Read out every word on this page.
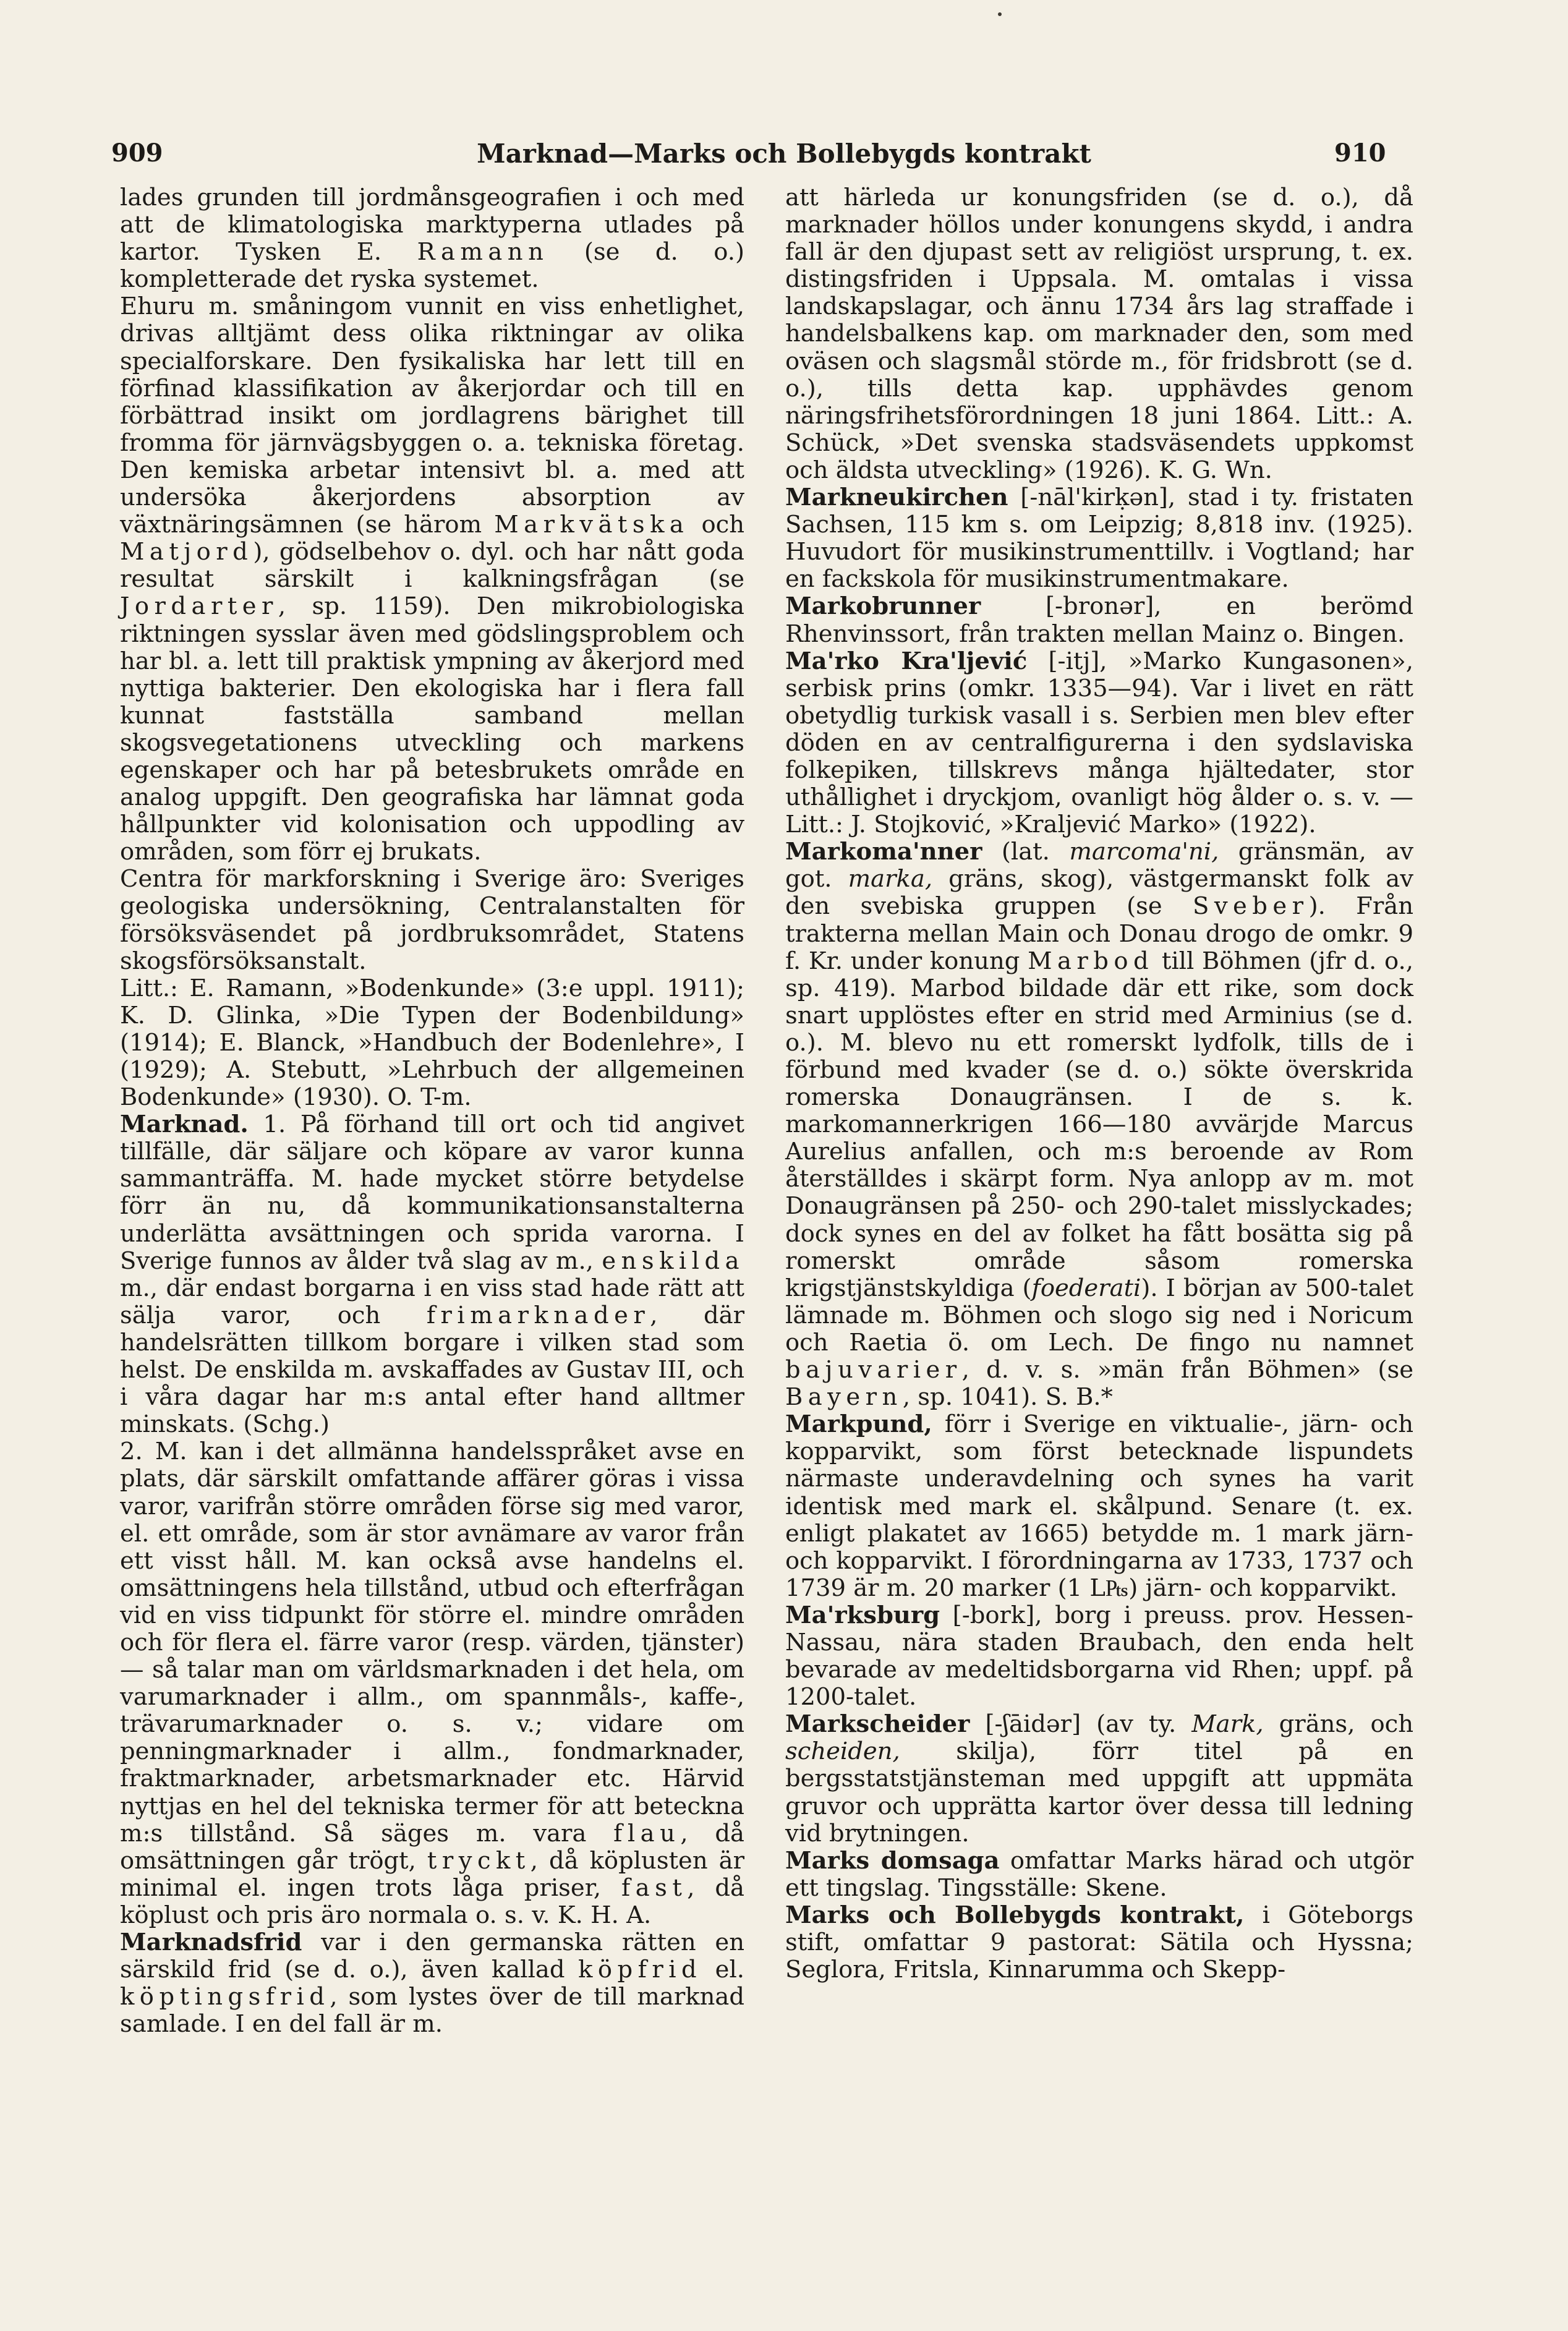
909	Marknad—Marks och Bollebygds kontrakt	910

lades grunden till jordmånsgeografien i och med att de klimatologiska marktyperna utlades på kartor. Tysken E. Ramann (se d. o.) kompletterade det ryska systemet.

Ehuru m. småningom vunnit en viss enhetlighet, drivas alltjämt dess olika riktningar av olika specialforskare. Den fysikaliska har lett till en förfinad klassifikation av åkerjordar och till en förbättrad insikt om jordlagrens bärighet till fromma för järnvägsbyggen o. a. tekniska företag. Den kemiska arbetar intensivt bl. a. med att undersöka åkerjordens absorption av växtnäringsämnen (se härom Markvätska och Matjord), gödselbehov o. dyl. och har nått goda resultat särskilt i kalkningsfrågan (se Jordarter, sp. 1159). Den mikrobiologiska riktningen sysslar även med gödslingsproblem och har bl. a. lett till praktisk ympning av åkerjord med nyttiga bakterier. Den ekologiska har i flera fall kunnat fastställa samband mellan skogsvegetationens utveckling och markens egenskaper och har på betesbrukets område en analog uppgift. Den geografiska har lämnat goda hållpunkter vid kolonisation och uppodling av områden, som förr ej brukats.

Centra för markforskning i Sverige äro: Sveriges geologiska undersökning, Centralanstalten för försöksväsendet på jordbruksområdet, Statens skogsförsöksanstalt.

Litt.: E. Ramann, »Bodenkunde» (3:e uppl. 1911); K. D. Glinka, »Die Typen der Bodenbildung» (1914); E. Blanck, »Handbuch der Bodenlehre», I (1929); A. Stebutt, »Lehrbuch der allgemeinen Bodenkunde» (1930). O. T-m.

Marknad. 1. På förhand till ort och tid angivet tillfälle, där säljare och köpare av varor kunna sammanträffa. M. hade mycket större betydelse förr än nu, då kommunikationsanstalterna underlätta avsättningen och sprida varorna. I Sverige funnos av ålder två slag av m., enskilda m., där endast borgarna i en viss stad hade rätt att sälja varor, och frimarknader, där handelsrätten tillkom borgare i vilken stad som helst. De enskilda m. avskaffades av Gustav III, och i våra dagar har m:s antal efter hand alltmer minskats. (Schg.)

2. M. kan i det allmänna handelsspråket avse en plats, där särskilt omfattande affärer göras i vissa varor, varifrån större områden förse sig med varor, el. ett område, som är stor avnämare av varor från ett visst håll. M. kan också avse handelns el. omsättningens hela tillstånd, utbud och efterfrågan vid en viss tidpunkt för större el. mindre områden och för flera el. färre varor (resp. värden, tjänster) — så talar man om världsmarknaden i det hela, om varumarknader i allm., om spannmåls-, kaffe-, trävarumarknader o. s. v.; vidare om penningmarknader i allm., fondmarknader, fraktmarknader, arbetsmarknader etc. Härvid nyttjas en hel del tekniska termer för att beteckna m:s tillstånd. Så säges m. vara flau, då omsättningen går trögt, tryckt, då köplusten är minimal el. ingen trots låga priser, fast, då köplust och pris äro normala o. s. v. K. H. A.

Marknadsfrid var i den germanska rätten en särskild frid (se d. o.), även kallad köpfrid el. köptingsfrid, som lystes över de till marknad samlade. I en del fall är m.

att härleda ur konungsfriden (se d. o.), då marknader höllos under konungens skydd, i andra fall är den djupast sett av religiöst ursprung, t. ex. distingsfriden i Uppsala. M. omtalas i vissa landskapslagar, och ännu 1734 års lag straffade i handelsbalkens kap. om marknader den, som med oväsen och slagsmål störde m., för fridsbrott (se d. o.), tills detta kap. upphävdes genom näringsfrihetsförordningen 18 juni 1864. Litt.: A. Schück, »Det svenska stadsväsendets uppkomst och äldsta utveckling» (1926). K. G. Wn.

Markneukirchen [-nāl'kirḳən], stad i ty. fristaten Sachsen, 115 km s. om Leipzig; 8,818 inv. (1925). Huvudort för musikinstrumenttillv. i Vogtland; har en fackskola för musikinstrumentmakare.

Markobrunner [-bronər], en berömd Rhenvinssort, från trakten mellan Mainz o. Bingen.

Ma'rko Kra'ljević [-itj], »Marko Kungasonen», serbisk prins (omkr. 1335—94). Var i livet en rätt obetydlig turkisk vasall i s. Serbien men blev efter döden en av centralfigurerna i den sydslaviska folkepiken, tillskrevs många hjältedater, stor uthållighet i dryckjom, ovanligt hög ålder o. s. v. — Litt.: J. Stojković, »Kraljević Marko» (1922).

Markoma'nner (lat. marcoma'ni, gränsmän, av got. marka, gräns, skog), västgermanskt folk av den svebiska gruppen (se Sveber). Från trakterna mellan Main och Donau drogo de omkr. 9 f. Kr. under konung Marbod till Böhmen (jfr d. o., sp. 419). Marbod bildade där ett rike, som dock snart upplöstes efter en strid med Arminius (se d. o.). M. blevo nu ett romerskt lydfolk, tills de i förbund med kvader (se d. o.) sökte överskrida romerska Donaugränsen. I de s. k. markomannerkrigen 166—180 avvärjde Marcus Aurelius anfallen, och m:s beroende av Rom återställdes i skärpt form. Nya anlopp av m. mot Donaugränsen på 250- och 290-talet misslyckades; dock synes en del av folket ha fått bosätta sig på romerskt område såsom romerska krigstjänstskyldiga (foederati). I början av 500-talet lämnade m. Böhmen och slogo sig ned i Noricum och Raetia ö. om Lech. De fingo nu namnet bajuvarier, d. v. s. »män från Böhmen» (se Bayern, sp. 1041). S. B.*

Markpund, förr i Sverige en viktualie-, järn- och kopparvikt, som först betecknade lispundets närmaste underavdelning och synes ha varit identisk med mark el. skålpund. Senare (t. ex. enligt plakatet av 1665) betydde m. 1 mark järn- och kopparvikt. I förordningarna av 1733, 1737 och 1739 är m. 20 marker (1 L₧) järn- och kopparvikt.

Ma'rksburg [-bork], borg i preuss. prov. Hessen-Nassau, nära staden Braubach, den enda helt bevarade av medeltidsborgarna vid Rhen; uppf. på 1200-talet.

Markscheider [-ʃāidər] (av ty. Mark, gräns, och scheiden, skilja), förr titel på en bergsstatstjänsteman med uppgift att uppmäta gruvor och upprätta kartor över dessa till ledning vid brytningen.

Marks domsaga omfattar Marks härad och utgör ett tingslag. Tingsställe: Skene.

Marks och Bollebygds kontrakt, i Göteborgs stift, omfattar 9 pastorat: Sätila och Hyssna; Seglora, Fritsla, Kinnarumma och Skepp-
